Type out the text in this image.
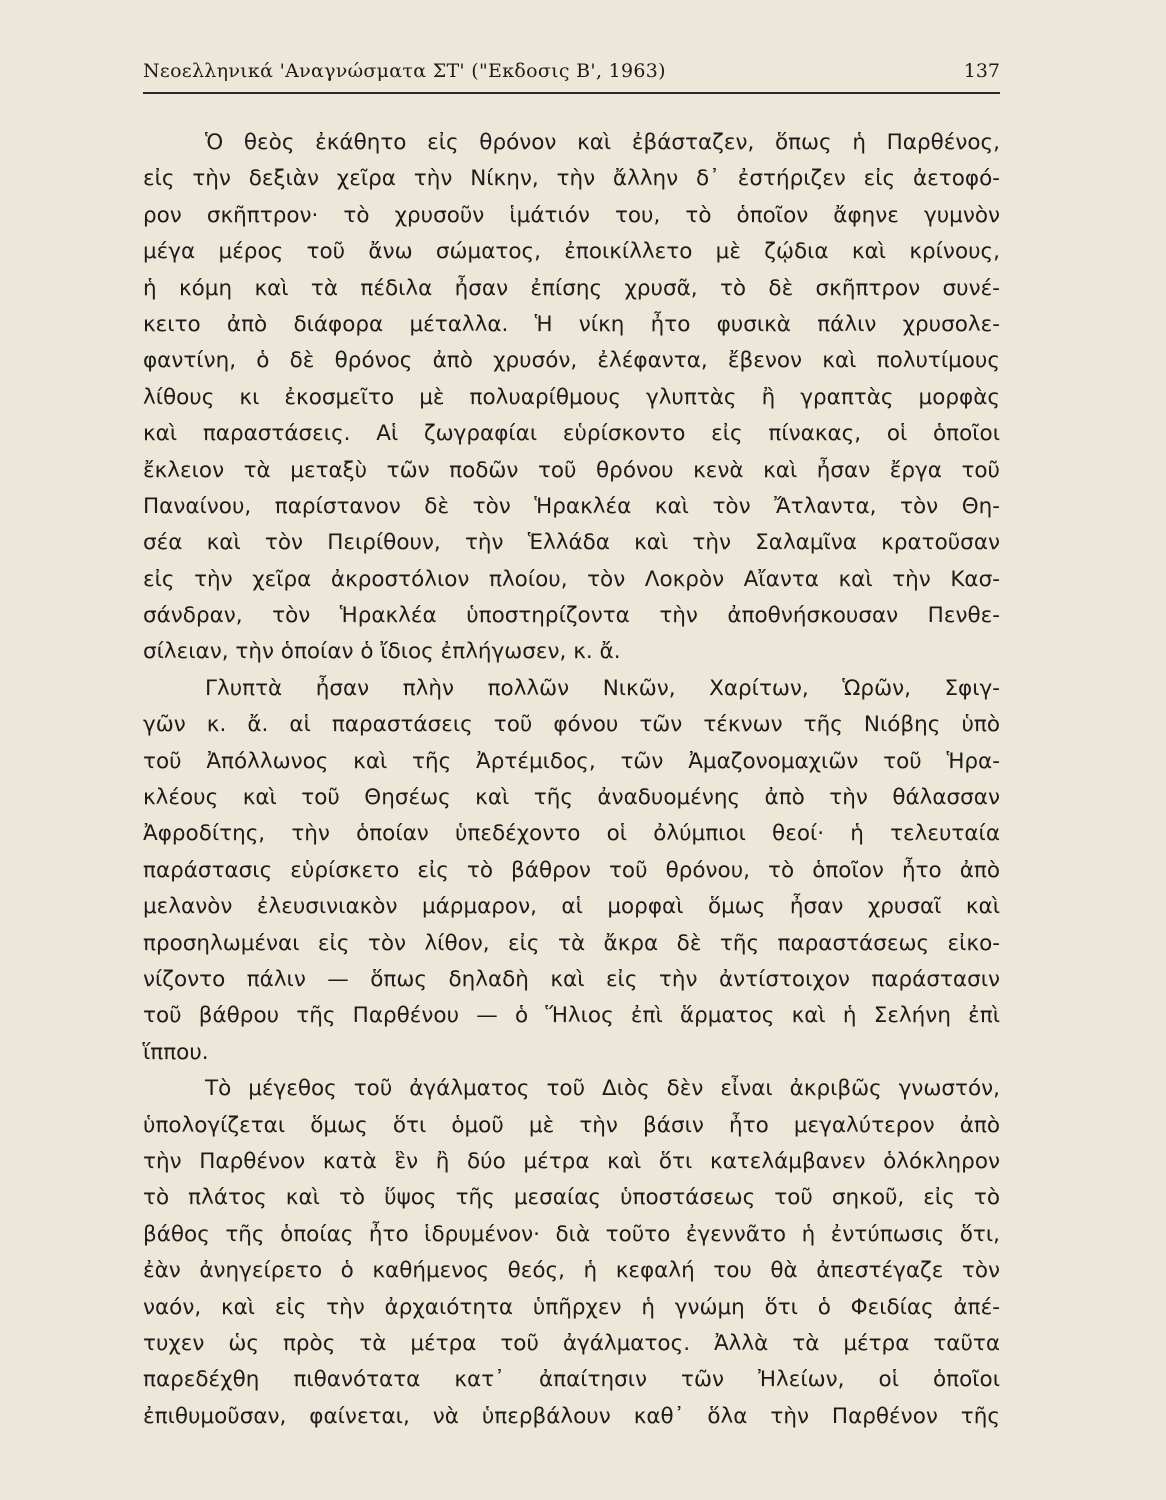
Νεοελληνικά 'Αναγνώσματα ΣΤ' ("Εκδοσις Β', 1963)	137
Ὁ θεὸς ἐκάθητο εἰς θρόνον καὶ ἐβάσταζεν, ὅπως ἡ Παρθένος,
εἰς τὴν δεξιὰν χεῖρα τὴν Νίκην, τὴν ἄλλην δ᾽ ἐστήριζεν εἰς ἀετοφό-
ρον σκῆπτρον· τὸ χρυσοῦν ἱμάτιόν του, τὸ ὁποῖον ἄφηνε γυμνὸν
μέγα μέρος τοῦ ἄνω σώματος, ἐποικίλλετο μὲ ζῴδια καὶ κρίνους,
ἡ κόμη καὶ τὰ πέδιλα ἦσαν ἐπίσης χρυσᾶ, τὸ δὲ σκῆπτρον συνέ-
κειτο ἀπὸ διάφορα μέταλλα. Ἡ νίκη ἦτο φυσικὰ πάλιν χρυσολε-
φαντίνη, ὁ δὲ θρόνος ἀπὸ χρυσόν, ἐλέφαντα, ἔβενον καὶ πολυτίμους
λίθους κι ἐκοσμεῖτο μὲ πολυαρίθμους γλυπτὰς ἢ γραπτὰς μορφὰς
καὶ παραστάσεις. Αἱ ζωγραφίαι εὑρίσκοντο εἰς πίνακας, οἱ ὁποῖοι
ἔκλειον τὰ μεταξὺ τῶν ποδῶν τοῦ θρόνου κενὰ καὶ ἦσαν ἔργα τοῦ
Παναίνου, παρίστανον δὲ τὸν Ἡρακλέα καὶ τὸν Ἄτλαντα, τὸν Θη-
σέα καὶ τὸν Πειρίθουν, τὴν Ἑλλάδα καὶ τὴν Σαλαμῖνα κρατοῦσαν
εἰς τὴν χεῖρα ἀκροστόλιον πλοίου, τὸν Λοκρὸν Αἴαντα καὶ τὴν Κασ-
σάνδραν, τὸν Ἡρακλέα ὑποστηρίζοντα τὴν ἀποθνήσκουσαν Πενθε-
σίλειαν, τὴν ὁποίαν ὁ ἴδιος ἐπλήγωσεν, κ. ἄ.
Γλυπτὰ ἦσαν πλὴν πολλῶν Νικῶν, Χαρίτων, Ὡρῶν, Σφιγ-
γῶν κ. ἄ. αἱ παραστάσεις τοῦ φόνου τῶν τέκνων τῆς Νιόβης ὑπὸ
τοῦ Ἀπόλλωνος καὶ τῆς Ἀρτέμιδος, τῶν Ἀμαζονομαχιῶν τοῦ Ἡρα-
κλέους καὶ τοῦ Θησέως καὶ τῆς ἀναδυομένης ἀπὸ τὴν θάλασσαν
Ἀφροδίτης, τὴν ὁποίαν ὑπεδέχοντο οἱ ὀλύμπιοι θεοί· ἡ τελευταία
παράστασις εὑρίσκετο εἰς τὸ βάθρον τοῦ θρόνου, τὸ ὁποῖον ἦτο ἀπὸ
μελανὸν ἐλευσινιακὸν μάρμαρον, αἱ μορφαὶ ὅμως ἦσαν χρυσαῖ καὶ
προσηλωμέναι εἰς τὸν λίθον, εἰς τὰ ἄκρα δὲ τῆς παραστάσεως εἰκο-
νίζοντο πάλιν — ὅπως δηλαδὴ καὶ εἰς τὴν ἀντίστοιχον παράστασιν
τοῦ βάθρου τῆς Παρθένου — ὁ Ἥλιος ἐπὶ ἅρματος καὶ ἡ Σελήνη ἐπὶ
ἵππου.
Τὸ μέγεθος τοῦ ἀγάλματος τοῦ Διὸς δὲν εἶναι ἀκριβῶς γνωστόν,
ὑπολογίζεται ὅμως ὅτι ὁμοῦ μὲ τὴν βάσιν ἦτο μεγαλύτερον ἀπὸ
τὴν Παρθένον κατὰ ἓν ἢ δύο μέτρα καὶ ὅτι κατελάμβανεν ὁλόκληρον
τὸ πλάτος καὶ τὸ ὕψος τῆς μεσαίας ὑποστάσεως τοῦ σηκοῦ, εἰς τὸ
βάθος τῆς ὁποίας ἦτο ἱδρυμένον· διὰ τοῦτο ἐγεννᾶτο ἡ ἐντύπωσις ὅτι,
ἐὰν ἀνηγείρετο ὁ καθήμενος θεός, ἡ κεφαλή του θὰ ἀπεστέγαζε τὸν
ναόν, καὶ εἰς τὴν ἀρχαιότητα ὑπῆρχεν ἡ γνώμη ὅτι ὁ Φειδίας ἀπέ-
τυχεν ὡς πρὸς τὰ μέτρα τοῦ ἀγάλματος. Ἀλλὰ τὰ μέτρα ταῦτα
παρεδέχθη πιθανότατα κατ᾽ ἀπαίτησιν τῶν Ἠλείων, οἱ ὁποῖοι
ἐπιθυμοῦσαν, φαίνεται, νὰ ὑπερβάλουν καθ᾽ ὅλα τὴν Παρθένον τῆς
